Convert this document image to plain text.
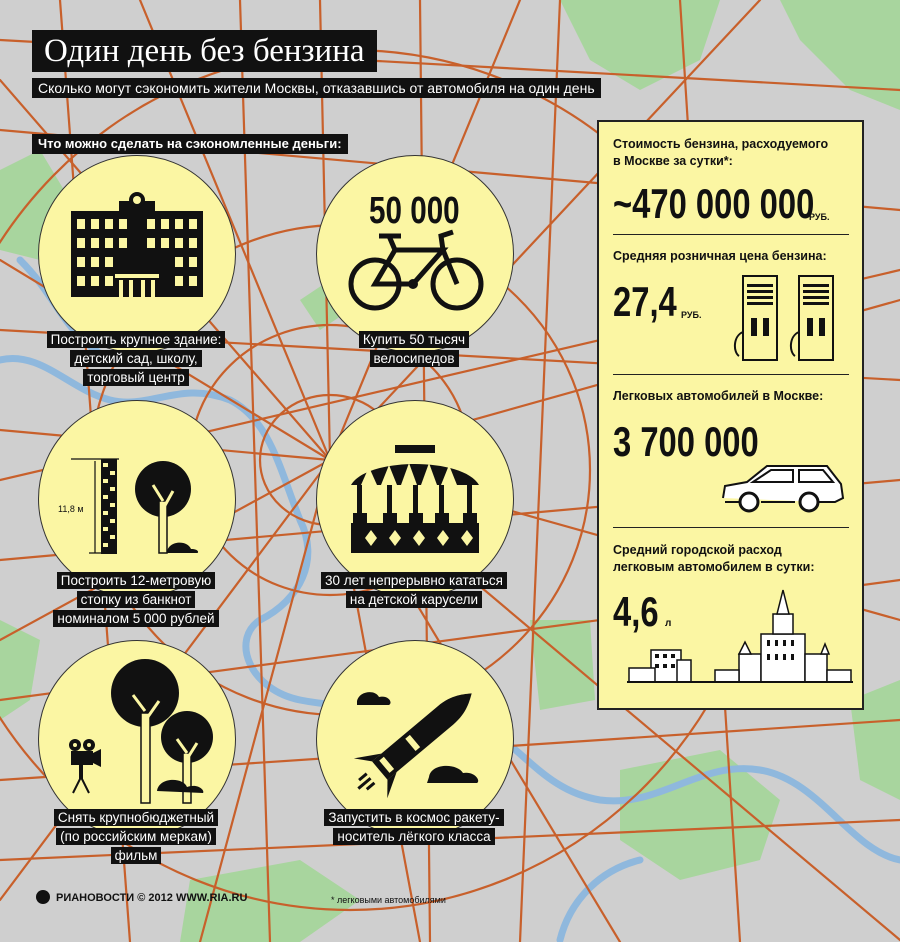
Один день без бензина
Сколько могут сэкономить жители Москвы, отказавшись от автомобиля на один день
Что можно сделать на сэкономленные деньги:
Построить крупное здание:
детский сад, школу,
торговый центр
50 000
Купить 50 тысяч
велосипедов
11,8 м
Построить 12-метровую
стопку из банкнот
номиналом 5 000 рублей
30 лет непрерывно кататься
на детской карусели
Снять крупнобюджетный
(по российским меркам)
фильм
Запустить в космос ракету-
носитель лёгкого класса
Стоимость бензина, расходуемого
в Москве за сутки*:
~470 000 000
РУБ.
Средняя розничная цена бензина:
27,4 РУБ.
Легковых автомобилей в Москве:
3 700 000
Средний городской расход
легковым автомобилем в сутки:
4,6 л
РИАНОВОСТИ © 2012 WWW.RIA.RU	* легковыми автомобилями
